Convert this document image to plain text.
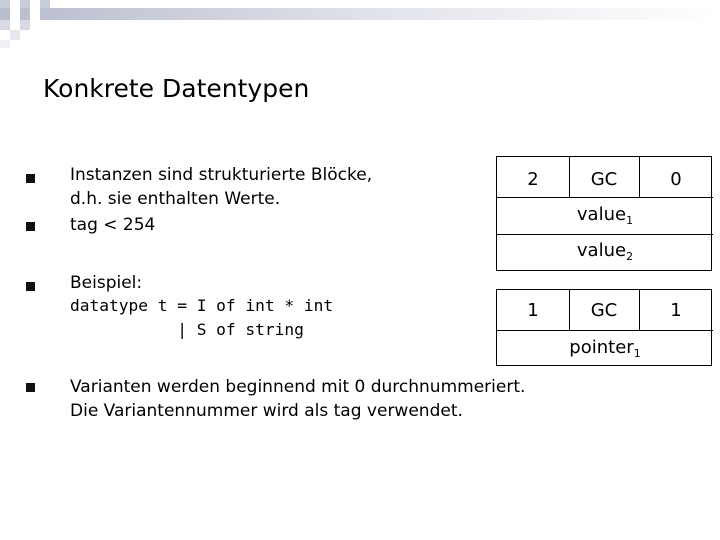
Konkrete Datentypen
Instanzen sind strukturierte Blöcke,
d.h. sie enthalten Werte.
tag < 254
Beispiel:
datatype t = I of int * int
| S of string
Varianten werden beginnend mit 0 durchnummeriert.
Die Variantennummer wird als tag verwendet.
2	GC	0
value$_1$
value$_2$
1	GC	1
pointer$_1$
